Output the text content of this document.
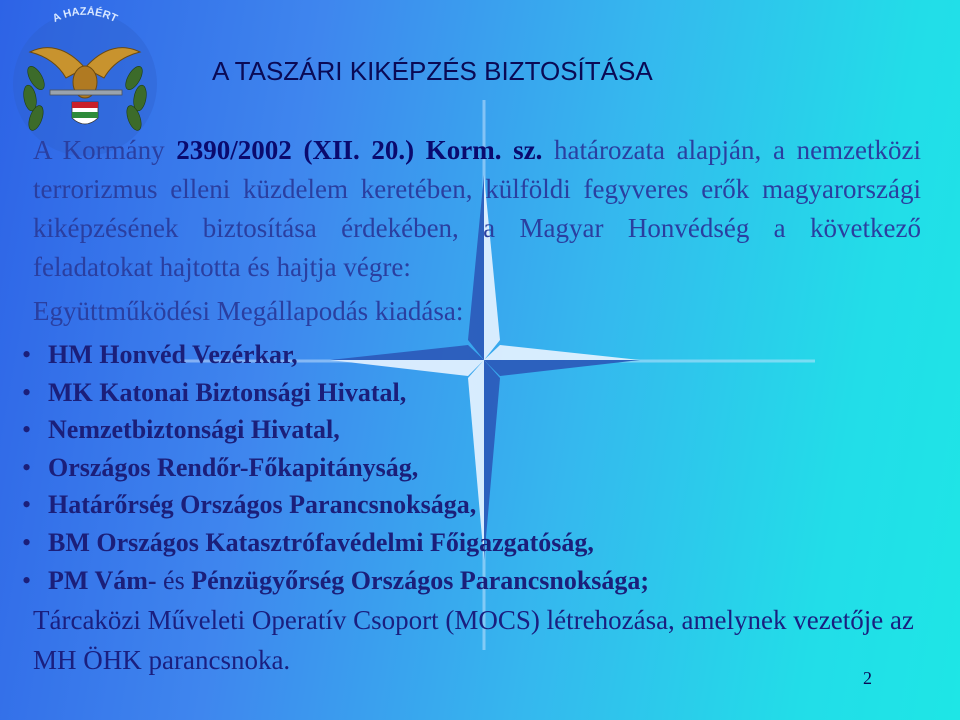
A HAZÁÉRT
A TASZÁRI KIKÉPZÉS BIZTOSÍTÁSA

A Kormány 2390/2002 (XII. 20.) Korm. sz. határozata alapján, a nemzetközi terrorizmus elleni küzdelem keretében, külföldi fegyveres erők magyarországi kiképzésének biztosítása érdekében, a Magyar Honvédség a következő feladatokat hajtotta és hajtja végre:

Együttműködési Megállapodás kiadása:
• HM Honvéd Vezérkar,
• MK Katonai Biztonsági Hivatal,
• Nemzetbiztonsági Hivatal,
• Országos Rendőr-Főkapitányság,
• Határőrség Országos Parancsnoksága,
• BM Országos Katasztrófavédelmi Főigazgatóság,
• PM Vám- és Pénzügyőrség Országos Parancsnoksága;

Tárcaközi Műveleti Operatív Csoport (MOCS) létrehozása, amelynek vezetője az MH ÖHK parancsnoka.

2
